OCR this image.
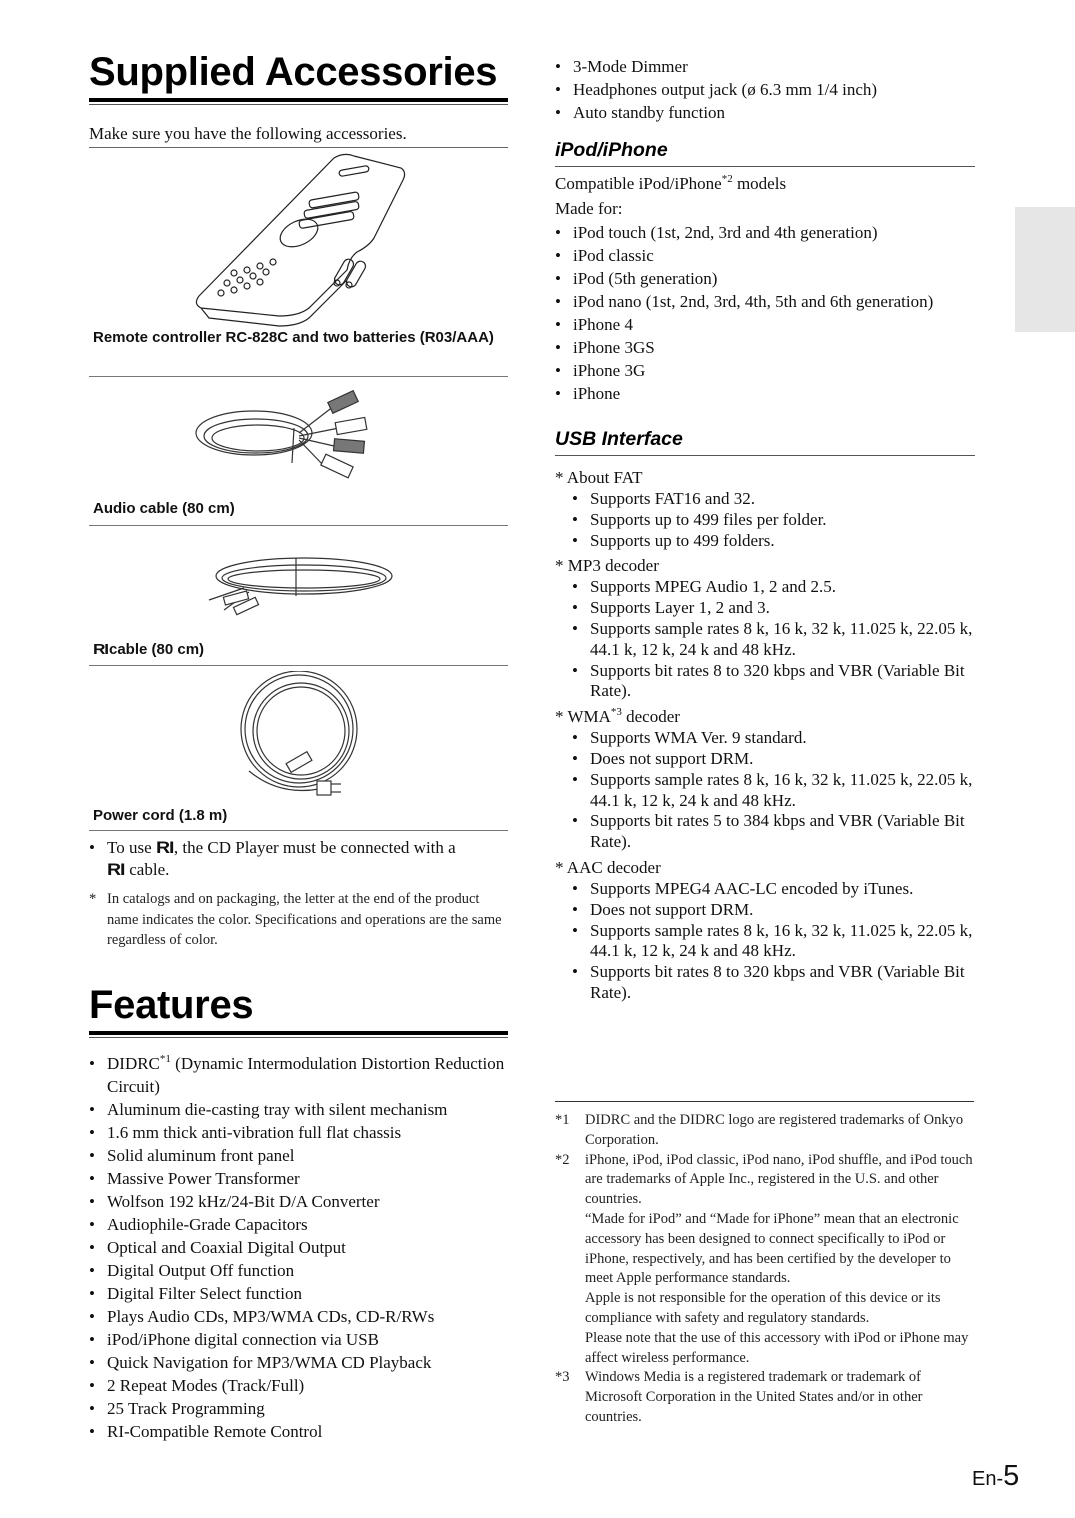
Supplied Accessories

Make sure you have the following accessories.

Remote controller RC-828C and two batteries (R03/AAA)
Audio cable (80 cm)
RIcable (80 cm)
Power cord (1.8 m)
• To use RI, the CD Player must be connected with a
RI cable.
* In catalogs and on packaging, the letter at the end of the product name indicates the color. Specifications and operations are the same regardless of color.
Features
• DIDRC$^{*1}$ (Dynamic Intermodulation Distortion Reduction Circuit)
• Aluminum die-casting tray with silent mechanism
• 1.6 mm thick anti-vibration full flat chassis
• Solid aluminum front panel
• Massive Power Transformer
• Wolfson 192 kHz/24-Bit D/A Converter
• Audiophile-Grade Capacitors
• Optical and Coaxial Digital Output
• Digital Output Off function
• Digital Filter Select function
• Plays Audio CDs, MP3/WMA CDs, CD-R/RWs
• iPod/iPhone digital connection via USB
• Quick Navigation for MP3/WMA CD Playback
• 2 Repeat Modes (Track/Full)
• 25 Track Programming
• RI-Compatible Remote Control
• 3-Mode Dimmer
• Headphones output jack (ø 6.3 mm 1/4 inch)
• Auto standby function
iPod/iPhone

Compatible iPod/iPhone$^{*2}$ models

Made for:

• iPod touch (1st, 2nd, 3rd and 4th generation)
• iPod classic
• iPod (5th generation)
• iPod nano (1st, 2nd, 3rd, 4th, 5th and 6th generation)
• iPhone 4
• iPhone 3GS
• iPhone 3G
• iPhone
USB Interface

* About FAT

• Supports FAT16 and 32.
• Supports up to 499 files per folder.
• Supports up to 499 folders.

* MP3 decoder

• Supports MPEG Audio 1, 2 and 2.5.
• Supports Layer 1, 2 and 3.
• Supports sample rates 8 k, 16 k, 32 k, 11.025 k, 22.05 k, 44.1 k, 12 k, 24 k and 48 kHz.
• Supports bit rates 8 to 320 kbps and VBR (Variable Bit Rate).

* WMA$^{*3}$ decoder

• Supports WMA Ver. 9 standard.
• Does not support DRM.
• Supports sample rates 8 k, 16 k, 32 k, 11.025 k, 22.05 k, 44.1 k, 12 k, 24 k and 48 kHz.
• Supports bit rates 5 to 384 kbps and VBR (Variable Bit Rate).

* AAC decoder

• Supports MPEG4 AAC-LC encoded by iTunes.
• Does not support DRM.
• Supports sample rates 8 k, 16 k, 32 k, 11.025 k, 22.05 k, 44.1 k, 12 k, 24 k and 48 kHz.
• Supports bit rates 8 to 320 kbps and VBR (Variable Bit Rate).
*1 DIDRC and the DIDRC logo are registered trademarks of Onkyo Corporation.
*2 iPhone, iPod, iPod classic, iPod nano, iPod shuffle, and iPod touch are trademarks of Apple Inc., registered in the U.S. and other countries.
“Made for iPod” and “Made for iPhone” mean that an electronic accessory has been designed to connect specifically to iPod or iPhone, respectively, and has been certified by the developer to meet Apple performance standards.
Apple is not responsible for the operation of this device or its compliance with safety and regulatory standards.
Please note that the use of this accessory with iPod or iPhone may affect wireless performance.
*3 Windows Media is a registered trademark or trademark of Microsoft Corporation in the United States and/or in other countries.
En-5
